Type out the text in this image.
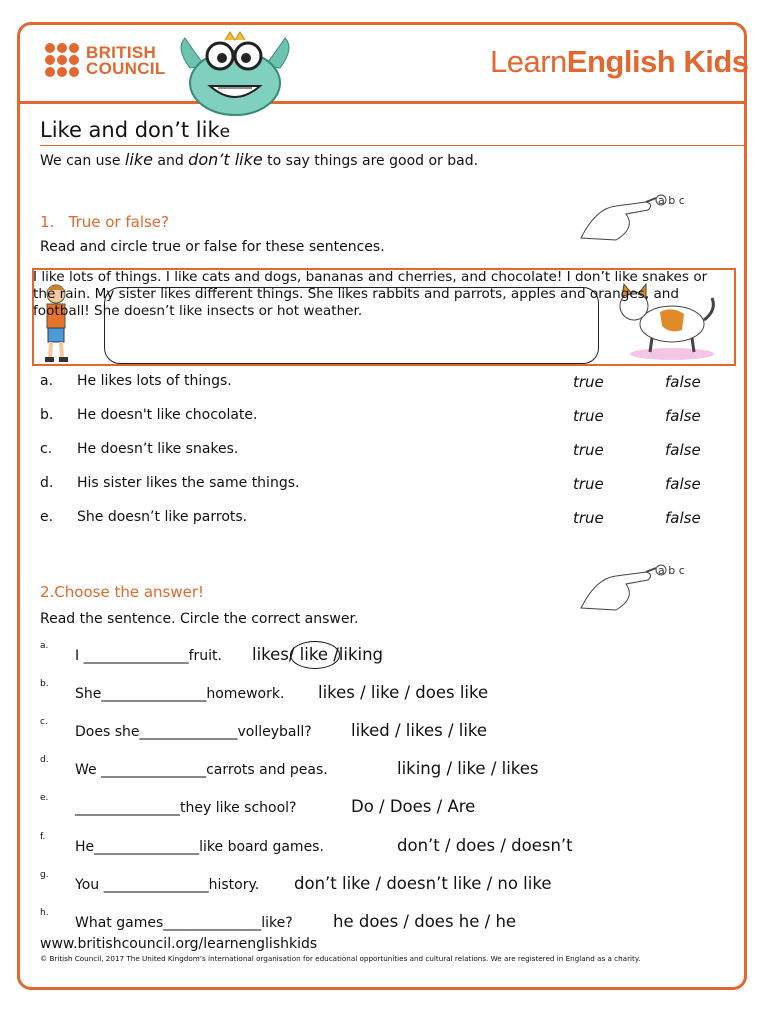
BRITISH
COUNCIL	LearnEnglish Kids
Like and don’t like
We can use like and don’t like to say things are good or bad.
1.   True or false?
a b c
Read and circle true or false for these sentences.
I like lots of things. I like cats and dogs, bananas and cherries, and chocolate! I don’t like snakes or the rain. My sister likes different things. She likes rabbits and parrots, apples and oranges, and football! She doesn’t like insects or hot weather.
a. He likes lots of things.	true	false
b. He doesn't like chocolate.	true	false
c. He doesn’t like snakes.	true	false
d. His sister likes the same things.	true	false
e. She doesn’t like parrots.	true	false
2.Choose the answer!
a b c
Read the sentence. Circle the correct answer.
a.
I _______________fruit. likes/ like /liking
b.
She_______________homework. likes / like / does like
c.
Does she______________volleyball? liked / likes / like
d.
We _______________carrots and peas.	liking / like / likes
e.
_______________they like school?	Do / Does / Are
f.
He_______________like board games.	don’t / does / doesn’t
g.
You _______________history. don’t like / doesn’t like / no like
h.
What games______________like? he does / does he / he
www.britishcouncil.org/learnenglishkids
© British Council, 2017 The United Kingdom’s international organisation for educational opportunities and cultural relations. We are registered in England as a charity.
